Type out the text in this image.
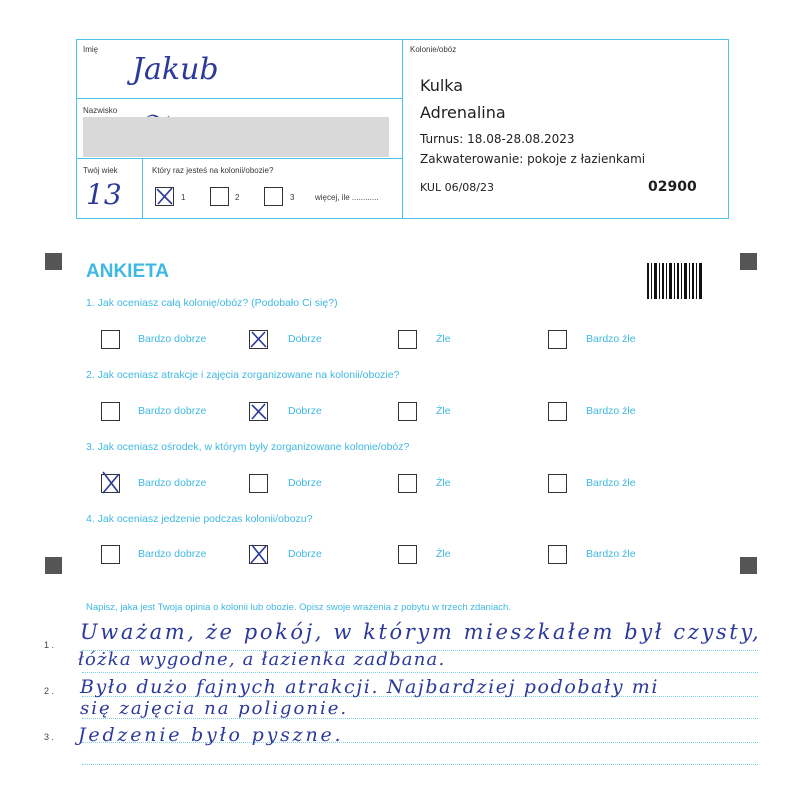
Imię
Jakub
Nazwisko
Twój wiek
13
Który raz jesteś na kolonii/obozie?
1	2	3	więcej, ile ............
Kolonie/obóz
Kulka
Adrenalina
Turnus: 18.08-28.08.2023
Zakwaterowanie: pokoje z łazienkami
KUL 06/08/23	02900
ANKIETA
1. Jak oceniasz całą kolonię/obóz? (Podobało Ci się?)
Bardzo dobrze	Dobrze	Źle	Bardzo źle
2. Jak oceniasz atrakcje i zajęcia zorganizowane na kolonii/obozie?
Bardzo dobrze	Dobrze	Źle	Bardzo źle
3. Jak oceniasz ośrodek, w którym były zorganizowane kolonie/obóz?
Bardzo dobrze	Dobrze	Źle	Bardzo źle
4. Jak oceniasz jedzenie podczas kolonii/obozu?
Bardzo dobrze	Dobrze	Źle	Bardzo źle
Napisz, jaka jest Twoja opinia o kolonii lub obozie. Opisz swoje wrażenia z pobytu w trzech zdaniach.
1 .
2 .
3 .
Uważam, że pokój, w którym mieszkałem był czysty,
łóżka wygodne, a łazienka zadbana.
Było dużo fajnych atrakcji. Najbardziej podobały mi
się zajęcia na poligonie.
Jedzenie było pyszne.
